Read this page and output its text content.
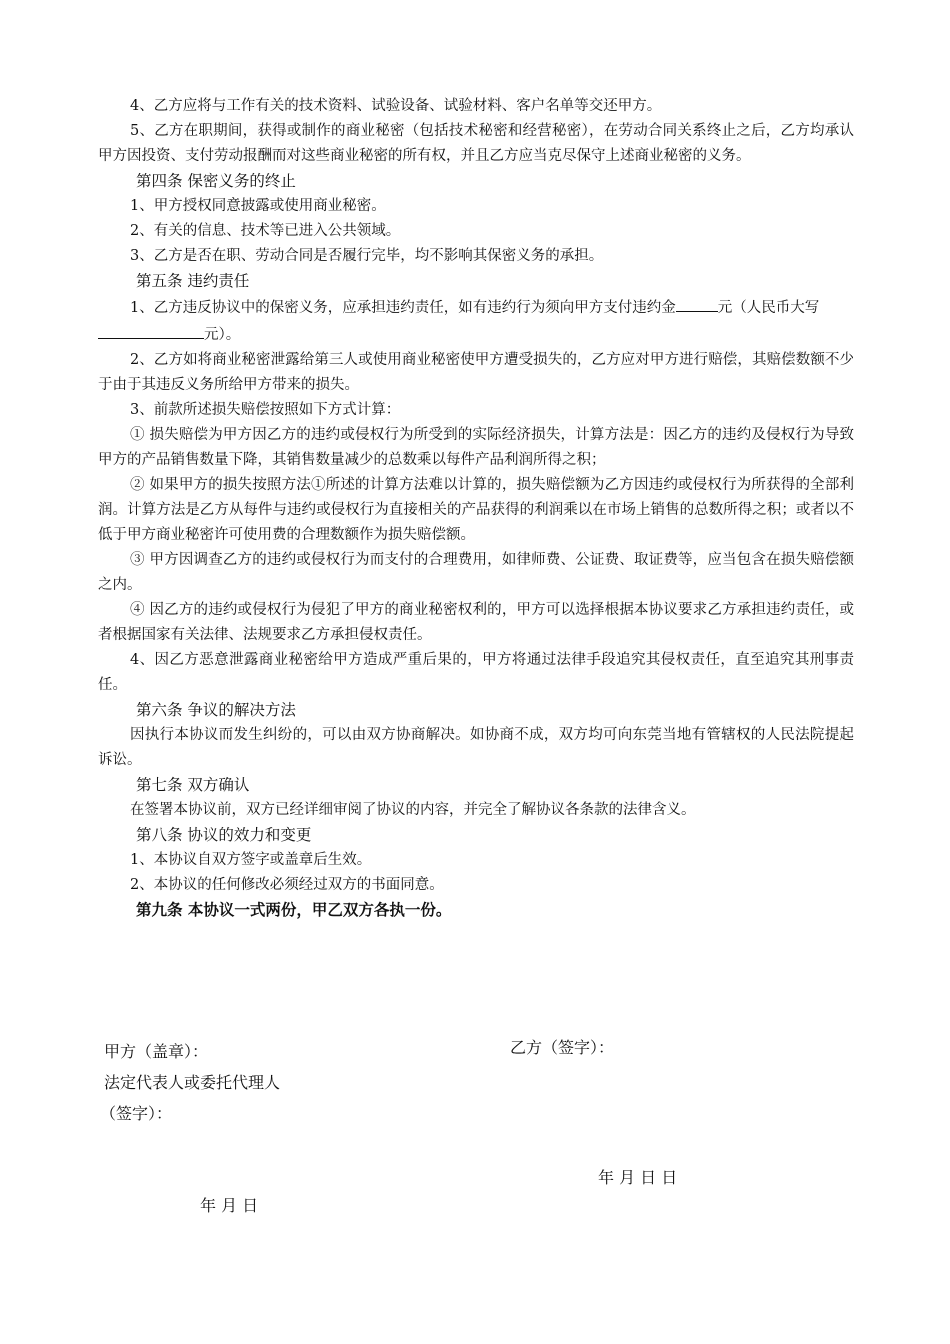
4、乙方应将与工作有关的技术资料、试验设备、试验材料、客户名单等交还甲方。

5、乙方在职期间，获得或制作的商业秘密（包括技术秘密和经营秘密），在劳动合同关系终止之后，乙方均承认甲方因投资、支付劳动报酬而对这些商业秘密的所有权，并且乙方应当克尽保守上述商业秘密的义务。

第四条 保密义务的终止

1、甲方授权同意披露或使用商业秘密。

2、有关的信息、技术等已进入公共领域。

3、乙方是否在职、劳动合同是否履行完毕，均不影响其保密义务的承担。

第五条 违约责任

1、乙方违反协议中的保密义务，应承担违约责任，如有违约行为须向甲方支付违约金	元（人民币大写
元）。

2、乙方如将商业秘密泄露给第三人或使用商业秘密使甲方遭受损失的，乙方应对甲方进行赔偿，其赔偿数额不少于由于其违反义务所给甲方带来的损失。

3、前款所述损失赔偿按照如下方式计算：

① 损失赔偿为甲方因乙方的违约或侵权行为所受到的实际经济损失，计算方法是：因乙方的违约及侵权行为导致甲方的产品销售数量下降，其销售数量减少的总数乘以每件产品利润所得之积；

② 如果甲方的损失按照方法①所述的计算方法难以计算的，损失赔偿额为乙方因违约或侵权行为所获得的全部利润。计算方法是乙方从每件与违约或侵权行为直接相关的产品获得的利润乘以在市场上销售的总数所得之积；或者以不低于甲方商业秘密许可使用费的合理数额作为损失赔偿额。

③ 甲方因调查乙方的违约或侵权行为而支付的合理费用，如律师费、公证费、取证费等，应当包含在损失赔偿额之内。

④ 因乙方的违约或侵权行为侵犯了甲方的商业秘密权利的，甲方可以选择根据本协议要求乙方承担违约责任，或者根据国家有关法律、法规要求乙方承担侵权责任。

4、因乙方恶意泄露商业秘密给甲方造成严重后果的，甲方将通过法律手段追究其侵权责任，直至追究其刑事责任。

第六条 争议的解决方法

因执行本协议而发生纠纷的，可以由双方协商解决。如协商不成，双方均可向东莞当地有管辖权的人民法院提起诉讼。

第七条 双方确认

在签署本协议前，双方已经详细审阅了协议的内容，并完全了解协议各条款的法律含义。

第八条 协议的效力和变更

1、本协议自双方签字或盖章后生效。

2、本协议的任何修改必须经过双方的书面同意。

第九条 本协议一式两份，甲乙双方各执一份。
甲方（盖章）：
法定代表人或委托代理人
（签字）：
乙方（签字）：
年 月 日 日
年 月 日
